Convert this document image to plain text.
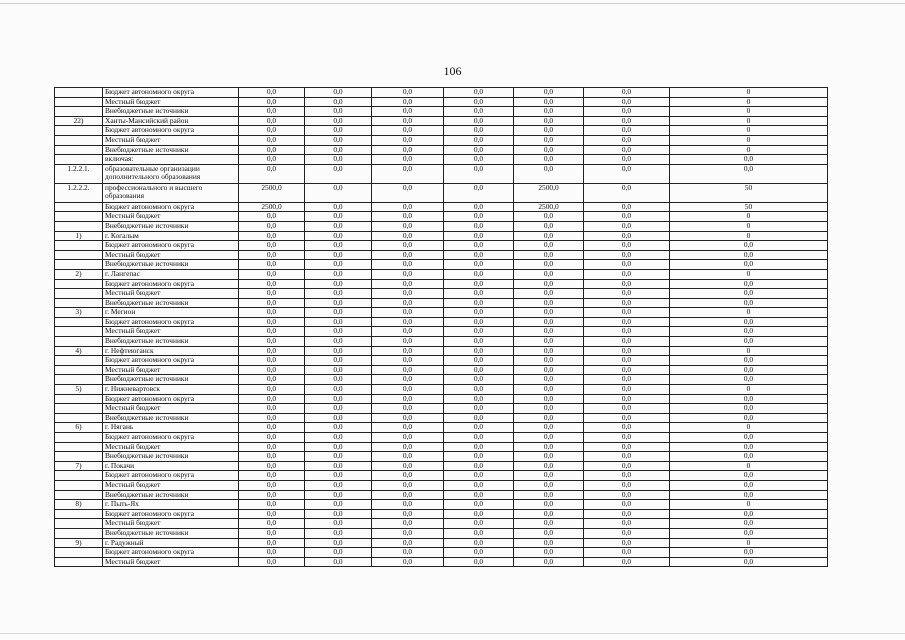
106
	Бюджет автономного округа	0,0	0,0	0,0	0,0	0,0	0,0	0
	Местный бюджет	0,0	0,0	0,0	0,0	0,0	0,0	0
	Внебюджетные источники	0,0	0,0	0,0	0,0	0,0	0,0	0
22)	Ханты-Мансийский район	0,0	0,0	0,0	0,0	0,0	0,0	0
	Бюджет автономного округа	0,0	0,0	0,0	0,0	0,0	0,0	0
	Местный бюджет	0,0	0,0	0,0	0,0	0,0	0,0	0
	Внебюджетные источники	0,0	0,0	0,0	0,0	0,0	0,0	0
	включая:	0,0	0,0	0,0	0,0	0,0	0,0	0,0
1.2.2.1.	образовательные организации дополнительного образования	0,0	0,0	0,0	0,0	0,0	0,0	0,0
1.2.2.2.	профессионального и высшего образования	2500,0	0,0	0,0	0,0	2500,0	0,0	50
	Бюджет автономного округа	2500,0	0,0	0,0	0,0	2500,0	0,0	50
	Местный бюджет	0,0	0,0	0,0	0,0	0,0	0,0	0
	Внебюджетные источники	0,0	0,0	0,0	0,0	0,0	0,0	0
1)	г. Когалым	0,0	0,0	0,0	0,0	0,0	0,0	0
	Бюджет автономного округа	0,0	0,0	0,0	0,0	0,0	0,0	0,0
	Местный бюджет	0,0	0,0	0,0	0,0	0,0	0,0	0,0
	Внебюджетные источники	0,0	0,0	0,0	0,0	0,0	0,0	0,0
2)	г. Лангепас	0,0	0,0	0,0	0,0	0,0	0,0	0
	Бюджет автономного округа	0,0	0,0	0,0	0,0	0,0	0,0	0,0
	Местный бюджет	0,0	0,0	0,0	0,0	0,0	0,0	0,0
	Внебюджетные источники	0,0	0,0	0,0	0,0	0,0	0,0	0,0
3)	г. Мегион	0,0	0,0	0,0	0,0	0,0	0,0	0
	Бюджет автономного округа	0,0	0,0	0,0	0,0	0,0	0,0	0,0
	Местный бюджет	0,0	0,0	0,0	0,0	0,0	0,0	0,0
	Внебюджетные источники	0,0	0,0	0,0	0,0	0,0	0,0	0,0
4)	г. Нефтеюганск	0,0	0,0	0,0	0,0	0,0	0,0	0
	Бюджет автономного округа	0,0	0,0	0,0	0,0	0,0	0,0	0,0
	Местный бюджет	0,0	0,0	0,0	0,0	0,0	0,0	0,0
	Внебюджетные источники	0,0	0,0	0,0	0,0	0,0	0,0	0,0
5)	г. Нижневартовск	0,0	0,0	0,0	0,0	0,0	0,0	0
	Бюджет автономного округа	0,0	0,0	0,0	0,0	0,0	0,0	0,0
	Местный бюджет	0,0	0,0	0,0	0,0	0,0	0,0	0,0
	Внебюджетные источники	0,0	0,0	0,0	0,0	0,0	0,0	0,0
6)	г. Нягань	0,0	0,0	0,0	0,0	0,0	0,0	0
	Бюджет автономного округа	0,0	0,0	0,0	0,0	0,0	0,0	0,0
	Местный бюджет	0,0	0,0	0,0	0,0	0,0	0,0	0,0
	Внебюджетные источники	0,0	0,0	0,0	0,0	0,0	0,0	0,0
7)	г. Покачи	0,0	0,0	0,0	0,0	0,0	0,0	0
	Бюджет автономного округа	0,0	0,0	0,0	0,0	0,0	0,0	0,0
	Местный бюджет	0,0	0,0	0,0	0,0	0,0	0,0	0,0
	Внебюджетные источники	0,0	0,0	0,0	0,0	0,0	0,0	0,0
8)	г. Пыть-Ях	0,0	0,0	0,0	0,0	0,0	0,0	0
	Бюджет автономного округа	0,0	0,0	0,0	0,0	0,0	0,0	0,0
	Местный бюджет	0,0	0,0	0,0	0,0	0,0	0,0	0,0
	Внебюджетные источники	0,0	0,0	0,0	0,0	0,0	0,0	0,0
9)	г. Радужный	0,0	0,0	0,0	0,0	0,0	0,0	0
	Бюджет автономного округа	0,0	0,0	0,0	0,0	0,0	0,0	0,0
	Местный бюджет	0,0	0,0	0,0	0,0	0,0	0,0	0,0
